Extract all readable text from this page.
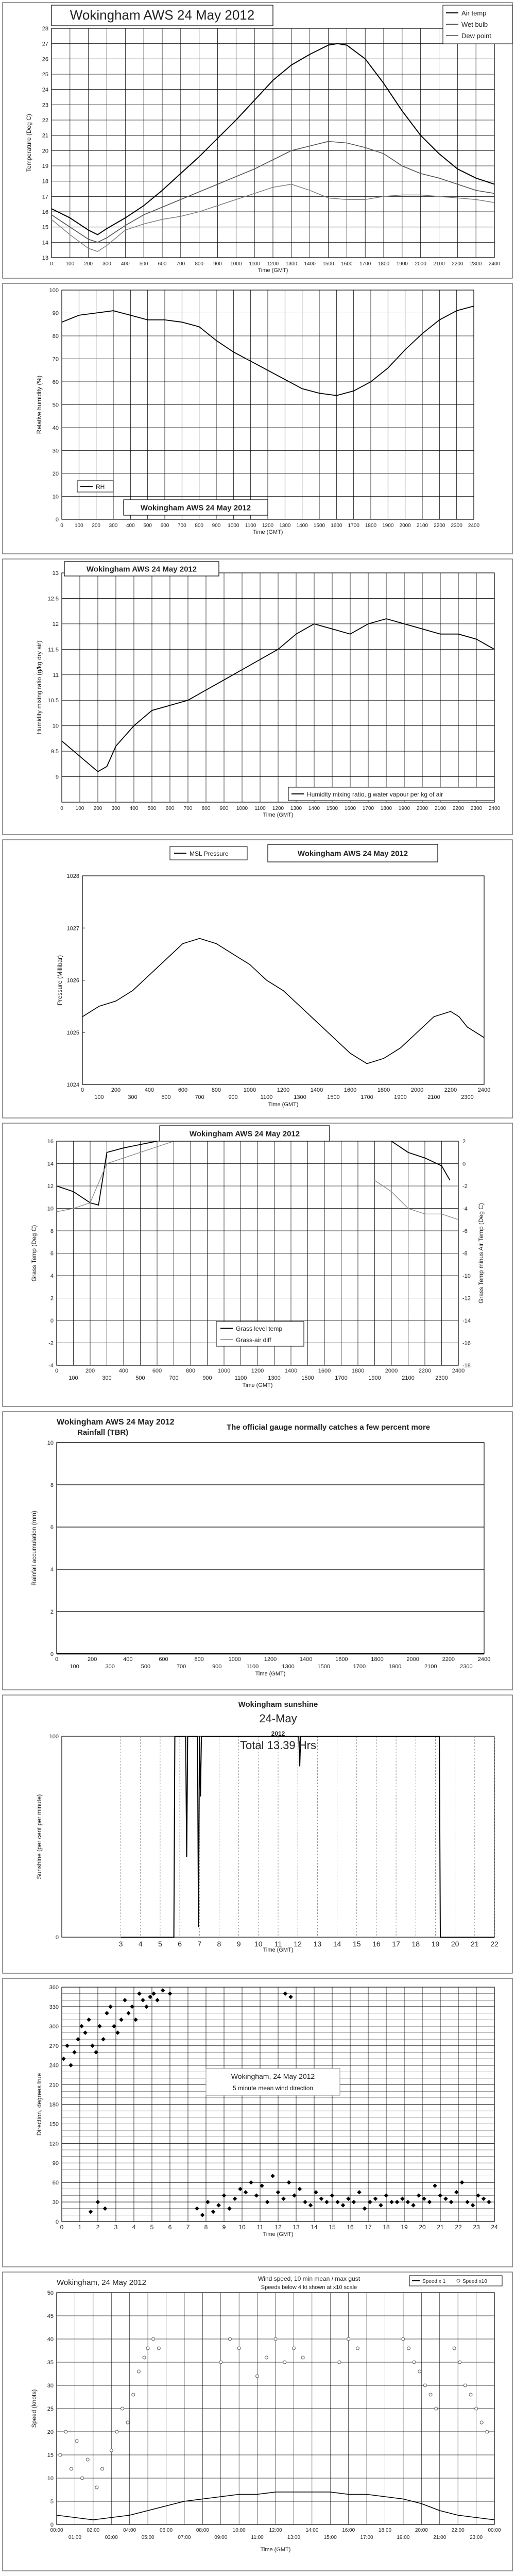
13
14
15
16
17
18
19
20
21
22
23
24
25
26
27
28
0 100 200 300 400 500 600 700 800 900 1000 1100 1200 1300 1400 1500 1600 1700 1800 1900 2000 2100 2200 2300 2400
Time (GMT)
Temperature (Deg C)
Wokingham AWS 24 May 2012	Air temp
Wet bulb
Dew point
0
10
20
30
40
50
60
70
80
90
100
0 100 200 300 400 500 600 700 800 900 1000 1100 1200 1300 1400 1500 1600 1700 1800 1900 2000 2100 2200 2300 2400
Time (GMT)
Relative humidity (%)
RH
Wokingham AWS 24 May 2012
9
9.5
10
10.5
11
11.5
12
12.5
13
0 100 200 300 400 500 600 700 800 900 1000 1100 1200 1300 1400 1500 1600 1700 1800 1900 2000 2100 2200 2300 2400
Time (GMT)
Humidity mixing ratio (g/kg dry air)
Wokingham AWS 24 May 2012
Humidity mixing ratio, g water vapour per kg of air
1024
1025
1026
1027
1028
0	200	400	600	800	1000	1200	1400	1600	1800	2000	2200	2400
100	300	500	700	900	1100	1300	1500	1700	1900	2100	2300
Time (GMT)
Pressure (Millibar)
MSL Pressure	Wokingham AWS 24 May 2012
-4
-2
0
2
4
6
8
10
12
14
16
0	200	400	600	800	1000	1200	1400	1600	1800	2000	2200	2400
100	300	500	700	900	1100	1300	1500	1700	1900	2100	2300
Time (GMT)
Grass Temp (Deg C)
-18
-16
-14
-12
-10
-8
-6
-4
-2
0
2
Grass Temp minus Air Temp (Deg C)
Wokingham AWS 24 May 2012
Grass level temp
Grass-air diff
0
2
4
6
8
10
0	200	400	600	800	1000	1200	1400	1600	1800	2000	2200	2400
100	300	500	700	900	1100	1300	1500	1700	1900	2100	2300
Time (GMT)
Rainfall accumulation (mm)
Wokingham AWS 24 May 2012
Rainfall (TBR)
The official gauge normally catches a few percent more
0
100
Time (GMT)
Sunshine (per cent per minute)
3 4 5 6 7 8 9 10 11 12 13 14 15 16 17 18 19 20 21 22
Wokingham sunshine
24-May
2012
Total 13.39 Hrs
0
30
60
90
120
150
180
210
240
270
300
330
360
0 1 2 3 4 5 6 7 8 9 10 11 12 13 14 15 16 17 18 19 20 21 22 23 24
Time (GMT)
Direction, degrees true	Wokingham, 24 May 2012
5 minute mean wind direction
0
5
10
15
20
25
30
35
40
45
50
Time (GMT)
Speed (knots)
00:00	02:00	04:00	06:00	08:00	10:00	12:00	14:00	16:00	18:00	20:00	22:00	00:00
01:00	03:00	05:00	07:00	09:00	11:00	13:00	15:00	17:00	19:00	21:00	23:00
Wokingham, 24 May 2012	Wind speed, 10 min mean / max gust
Speeds below 4 kt shown at x10 scale
Speed x 1	Speed x10
